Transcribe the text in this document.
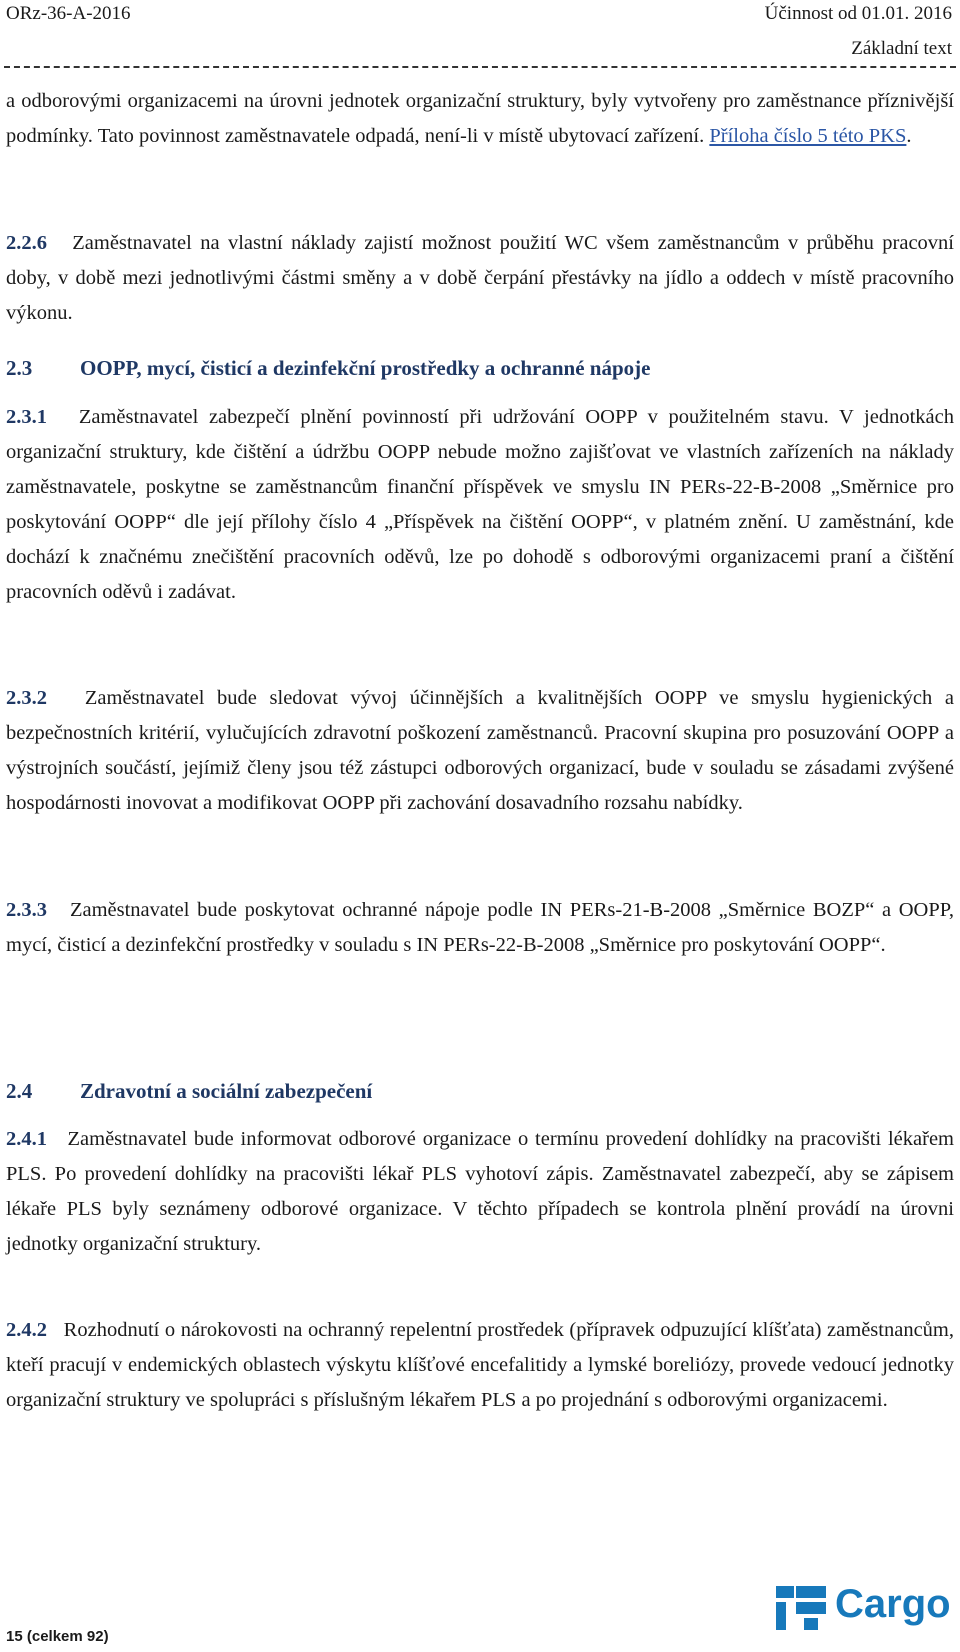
ORz-36-A-2016	Účinnost od 01.01. 2016
Základní text

a odborovými organizacemi na úrovni jednotek organizační struktury, byly vytvořeny pro zaměstnance příznivější podmínky. Tato povinnost zaměstnavatele odpadá, není-li v místě ubytovací zařízení. Příloha číslo 5 této PKS.

2.2.6 Zaměstnavatel na vlastní náklady zajistí možnost použití WC všem zaměstnancům v průběhu pracovní doby, v době mezi jednotlivými částmi směny a v době čerpání přestávky na jídlo a oddech v místě pracovního výkonu.

2.3 OOPP, mycí, čisticí a dezinfekční prostředky a ochranné nápoje

2.3.1 Zaměstnavatel zabezpečí plnění povinností při udržování OOPP v použitelném stavu. V jednotkách organizační struktury, kde čištění a údržbu OOPP nebude možno zajišťovat ve vlastních zařízeních na náklady zaměstnavatele, poskytne se zaměstnancům finanční příspěvek ve smyslu IN PERs-22-B-2008 „Směrnice pro poskytování OOPP“ dle její přílohy číslo 4 „Příspěvek na čištění OOPP“, v platném znění. U zaměstnání, kde dochází k značnému znečištění pracovních oděvů, lze po dohodě s odborovými organizacemi praní a čištění pracovních oděvů i zadávat.

2.3.2 Zaměstnavatel bude sledovat vývoj účinnějších a kvalitnějších OOPP ve smyslu hygienických a bezpečnostních kritérií, vylučujících zdravotní poškození zaměstnanců. Pracovní skupina pro posuzování OOPP a výstrojních součástí, jejímiž členy jsou též zástupci odborových organizací, bude v souladu se zásadami zvýšené hospodárnosti inovovat a modifikovat OOPP při zachování dosavadního rozsahu nabídky.

2.3.3 Zaměstnavatel bude poskytovat ochranné nápoje podle IN PERs-21-B-2008 „Směrnice BOZP“ a OOPP, mycí, čisticí a dezinfekční prostředky v souladu s IN PERs-22-B-2008 „Směrnice pro poskytování OOPP“.

2.4 Zdravotní a sociální zabezpečení

2.4.1 Zaměstnavatel bude informovat odborové organizace o termínu provedení dohlídky na pracovišti lékařem PLS. Po provedení dohlídky na pracovišti lékař PLS vyhotoví zápis. Zaměstnavatel zabezpečí, aby se zápisem lékaře PLS byly seznámeny odborové organizace. V těchto případech se kontrola plnění provádí na úrovni jednotky organizační struktury.

2.4.2 Rozhodnutí o nárokovosti na ochranný repelentní prostředek (přípravek odpuzující klíšťata) zaměstnancům, kteří pracují v endemických oblastech výskytu klíšťové encefalitidy a lymské boreliózy, provede vedoucí jednotky organizační struktury ve spolupráci s příslušným lékařem PLS a po projednání s odborovými organizacemi.

15 (celkem 92)
Cargo
